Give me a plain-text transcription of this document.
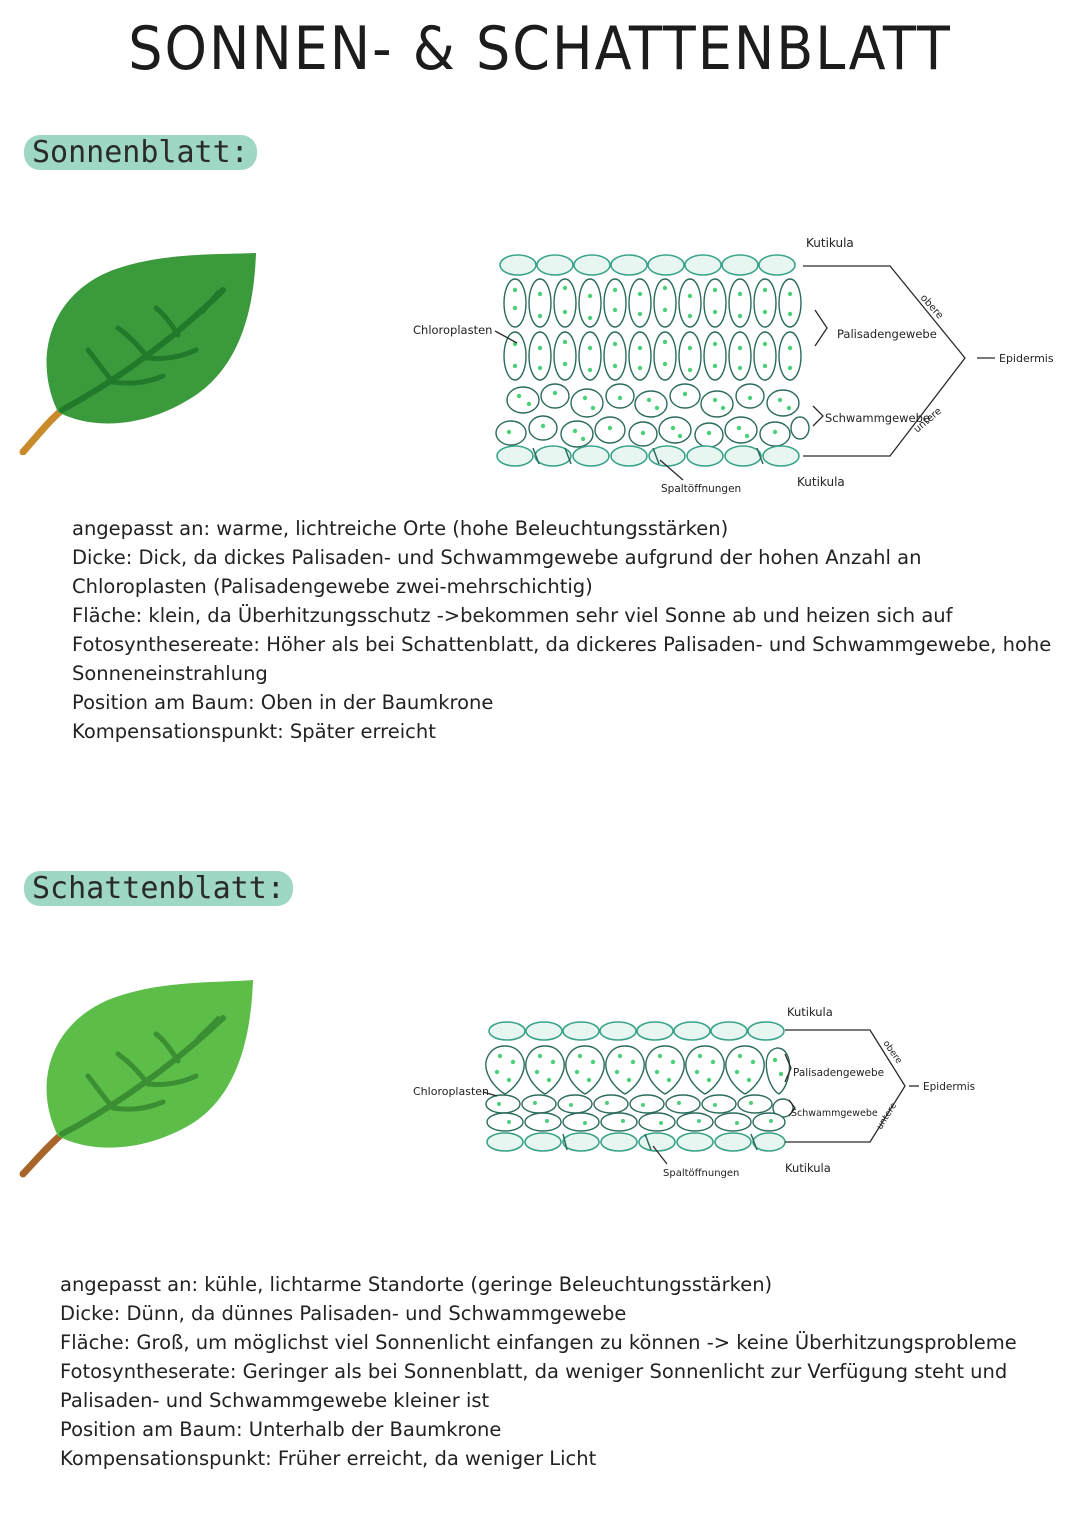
SONNEN- & SCHATTENBLATT
Sonnenblatt:
Kutikula
obere
Palisadengewebe
Epidermis
Chloroplasten
Schwammgewebe
untere
Kutikula
Spaltöffnungen

angepasst an: warme, lichtreiche Orte (hohe Beleuchtungsstärken)

Dicke: Dick, da dickes Palisaden- und Schwammgewebe aufgrund der hohen Anzahl an

Chloroplasten (Palisadengewebe zwei-mehrschichtig)

Fläche: klein, da Überhitzungsschutz ->bekommen sehr viel Sonne ab und heizen sich auf

Fotosynthesereate: Höher als bei Schattenblatt, da dickeres Palisaden- und Schwammgewebe, hohe

Sonneneinstrahlung

Position am Baum: Oben in der Baumkrone

Kompensationspunkt: Später erreicht

Schattenblatt:
Kutikula
obere
Palisadengewebe
Epidermis
Chloroplasten
Schwammgewebe
untere
Kutikula
Spaltöffnungen

angepasst an: kühle, lichtarme Standorte (geringe Beleuchtungsstärken)

Dicke: Dünn, da dünnes Palisaden- und Schwammgewebe

Fläche: Groß, um möglichst viel Sonnenlicht einfangen zu können -> keine Überhitzungsprobleme

Fotosyntheserate: Geringer als bei Sonnenblatt, da weniger Sonnenlicht zur Verfügung steht und

Palisaden- und Schwammgewebe kleiner ist

Position am Baum: Unterhalb der Baumkrone

Kompensationspunkt: Früher erreicht, da weniger Licht
